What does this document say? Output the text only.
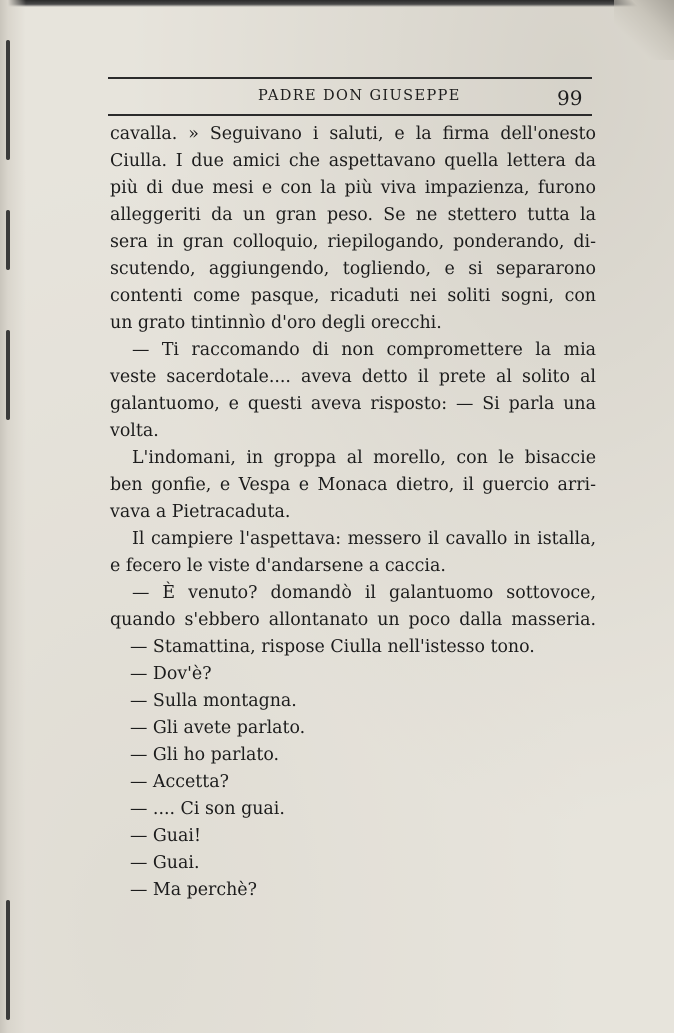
PADRE DON GIUSEPPE	99
cavalla. » Seguivano i saluti, e la firma dell'onesto
Ciulla. I due amici che aspettavano quella lettera da
più di due mesi e con la più viva impazienza, furono
alleggeriti da un gran peso. Se ne stettero tutta la
sera in gran colloquio, riepilogando, ponderando, di-
scutendo, aggiungendo, togliendo, e si separarono
contenti come pasque, ricaduti nei soliti sogni, con
un grato tintinnìo d'oro degli orecchi.
— Ti raccomando di non compromettere la mia
veste sacerdotale.... aveva detto il prete al solito al
galantuomo, e questi aveva risposto: — Si parla una
volta.
L'indomani, in groppa al morello, con le bisaccie
ben gonfie, e Vespa e Monaca dietro, il guercio arri-
vava a Pietracaduta.
Il campiere l'aspettava: messero il cavallo in istalla,
e fecero le viste d'andarsene a caccia.
— È venuto? domandò il galantuomo sottovoce,
quando s'ebbero allontanato un poco dalla masseria.
— Stamattina, rispose Ciulla nell'istesso tono.
— Dov'è?
— Sulla montagna.
— Gli avete parlato.
— Gli ho parlato.
— Accetta?
— .... Ci son guai.
— Guai!
— Guai.
— Ma perchè?
